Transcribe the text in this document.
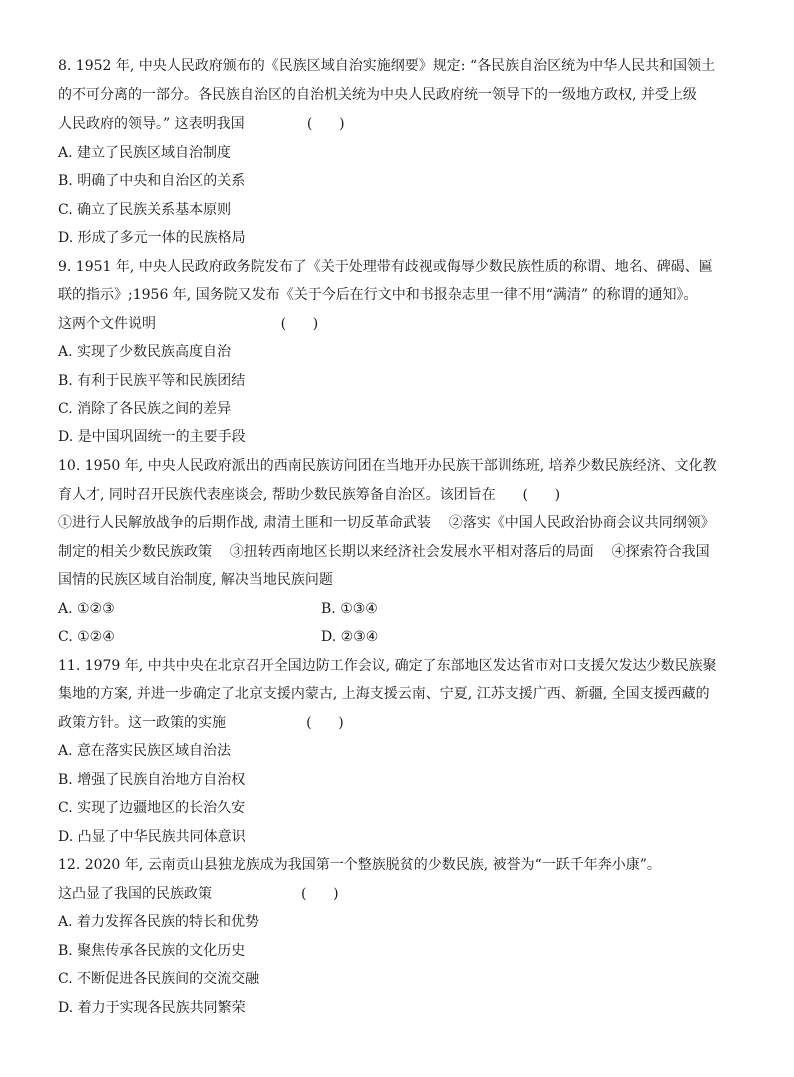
8. 1952 年, 中央人民政府颁布的《民族区域自治实施纲要》规定: “各民族自治区统为中华人民共和国领土
的不可分离的一部分。各民族自治区的自治机关统为中央人民政府统一领导下的一级地方政权, 并受上级
人民政府的领导。” 这表明我国              (      )
A. 建立了民族区域自治制度
B. 明确了中央和自治区的关系
C. 确立了民族关系基本原则
D. 形成了多元一体的民族格局
9. 1951 年, 中央人民政府政务院发布了《关于处理带有歧视或侮辱少数民族性质的称谓、地名、碑碣、匾
联的指示》;1956 年, 国务院又发布《关于今后在行文中和书报杂志里一律不用“满清” 的称谓的通知》。
这两个文件说明                            (      )
A. 实现了少数民族高度自治
B. 有利于民族平等和民族团结
C. 消除了各民族之间的差异
D. 是中国巩固统一的主要手段
10. 1950 年, 中央人民政府派出的西南民族访问团在当地开办民族干部训练班, 培养少数民族经济、文化教
育人才, 同时召开民族代表座谈会, 帮助少数民族筹备自治区。该团旨在      (      )
①进行人民解放战争的后期作战, 肃清土匪和一切反革命武装    ②落实《中国人民政治协商会议共同纲领》
制定的相关少数民族政策    ③扭转西南地区长期以来经济社会发展水平相对落后的局面    ④探索符合我国
国情的民族区域自治制度, 解决当地民族问题
A. ①②③	B. ①③④
C. ①②④	D. ②③④
11. 1979 年, 中共中央在北京召开全国边防工作会议, 确定了东部地区发达省市对口支援欠发达少数民族聚
集地的方案, 并进一步确定了北京支援内蒙古, 上海支援云南、宁夏, 江苏支援广西、新疆, 全国支援西藏的
政策方针。这一政策的实施                  (      )
A. 意在落实民族区域自治法
B. 增强了民族自治地方自治权
C. 实现了边疆地区的长治久安
D. 凸显了中华民族共同体意识
12. 2020 年, 云南贡山县独龙族成为我国第一个整族脱贫的少数民族, 被誉为“一跃千年奔小康”。
这凸显了我国的民族政策                    (      )
A. 着力发挥各民族的特长和优势
B. 聚焦传承各民族的文化历史
C. 不断促进各民族间的交流交融
D. 着力于实现各民族共同繁荣
